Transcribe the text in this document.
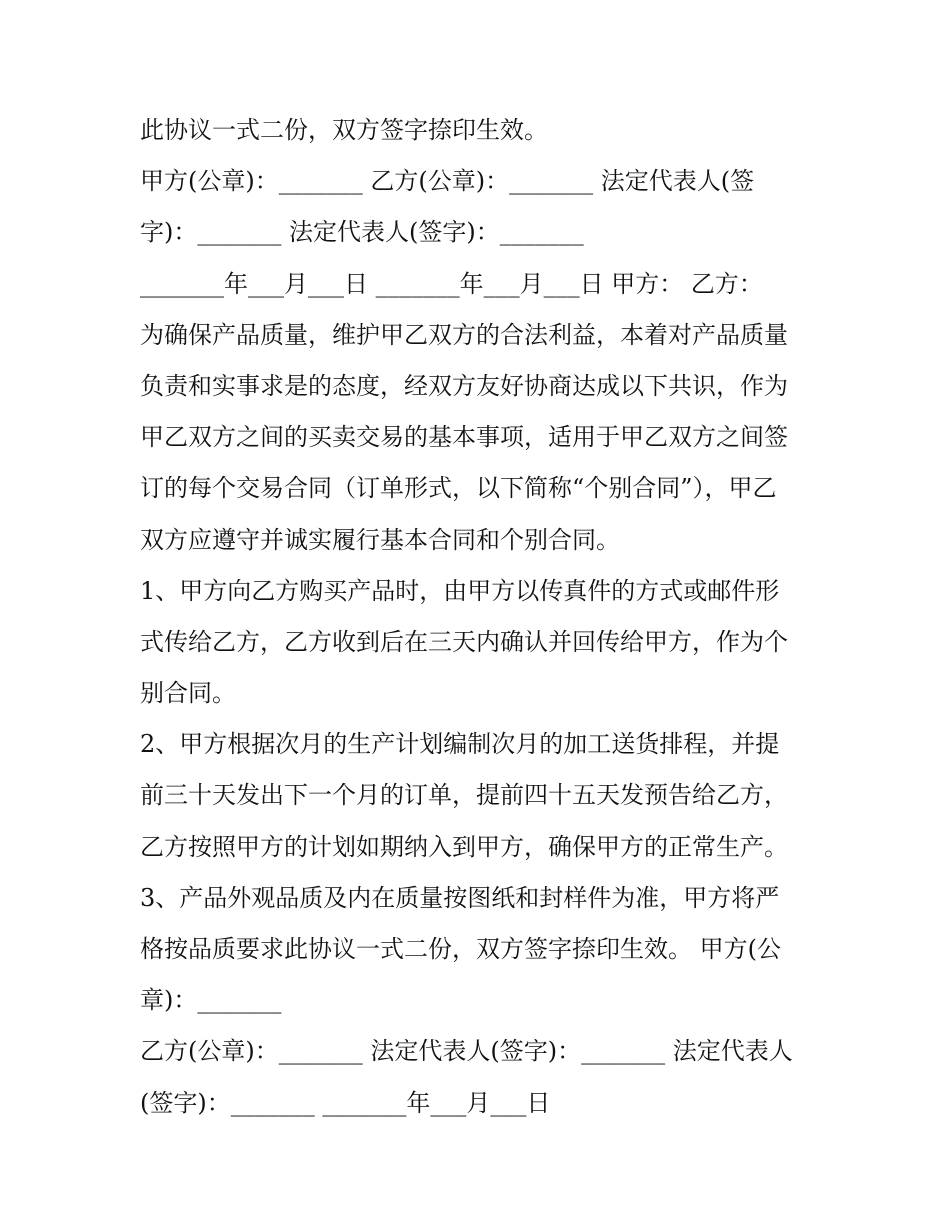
此协议一式二份，双方签字捺印生效。
甲方(公章)：_______ 乙方(公章)：_______ 法定代表人(签
字)：_______ 法定代表人(签字)：_______
_______年___月___日 _______年___月___日 甲方： 乙方：
为确保产品质量，维护甲乙双方的合法利益，本着对产品质量
负责和实事求是的态度，经双方友好协商达成以下共识，作为
甲乙双方之间的买卖交易的基本事项，适用于甲乙双方之间签
订的每个交易合同（订单形式，以下简称“个别合同”），甲乙
双方应遵守并诚实履行基本合同和个别合同。
1、甲方向乙方购买产品时，由甲方以传真件的方式或邮件形
式传给乙方，乙方收到后在三天内确认并回传给甲方，作为个
别合同。
2、甲方根据次月的生产计划编制次月的加工送货排程，并提
前三十天发出下一个月的订单，提前四十五天发预告给乙方，
乙方按照甲方的计划如期纳入到甲方，确保甲方的正常生产。
3、产品外观品质及内在质量按图纸和封样件为准，甲方将严
格按品质要求此协议一式二份，双方签字捺印生效。 甲方(公
章)：_______
乙方(公章)：_______ 法定代表人(签字)：_______ 法定代表人
(签字)：_______ _______年___月___日
